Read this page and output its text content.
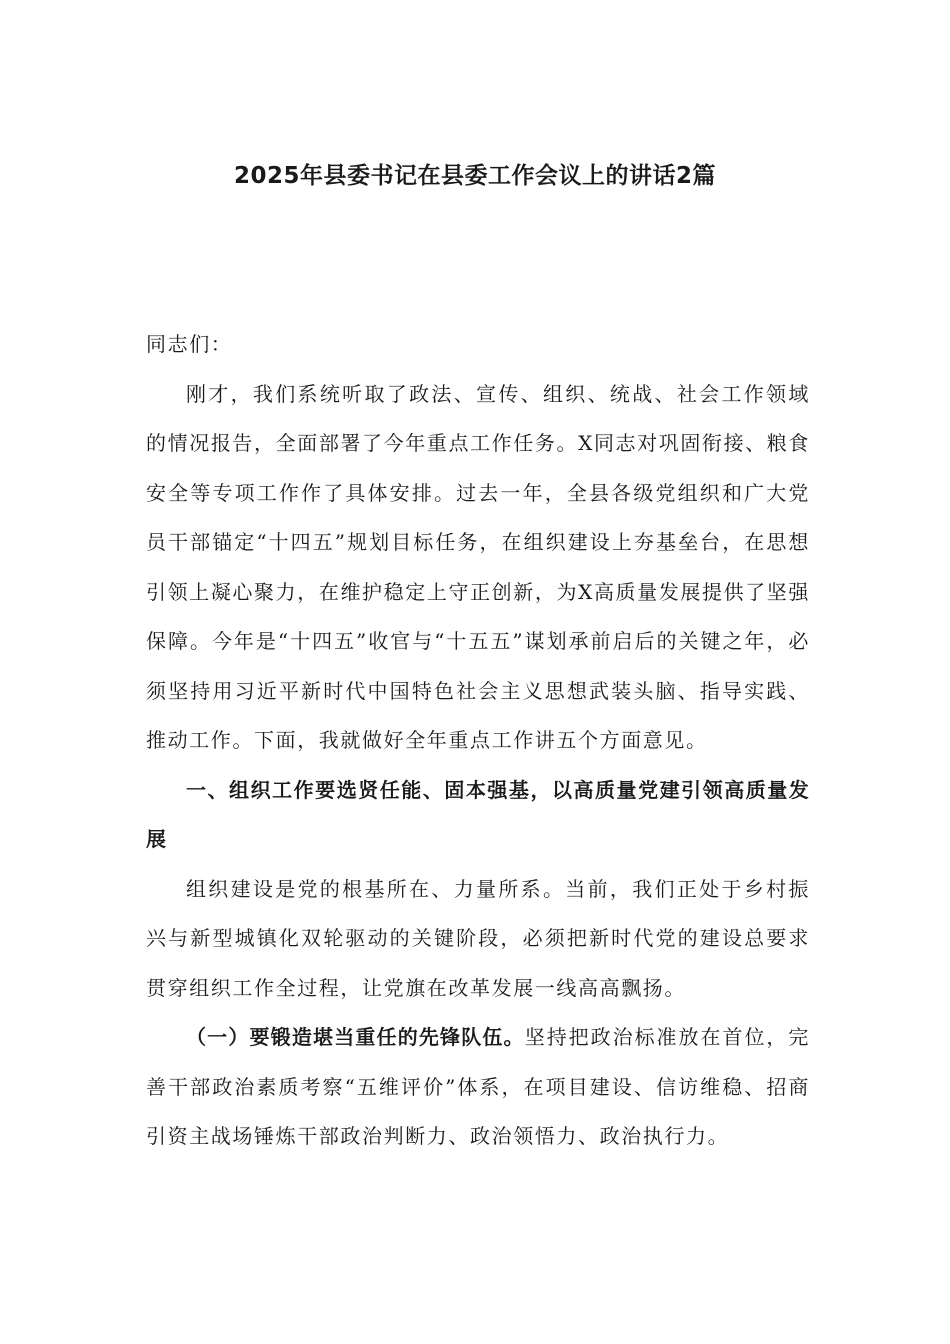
2025年县委书记在县委工作会议上的讲话2篇

同志们：

刚才，我们系统听取了政法、宣传、组织、统战、社会工作领域的情况报告，全面部署了今年重点工作任务。X同志对巩固衔接、粮食安全等专项工作作了具体安排。过去一年，全县各级党组织和广大党员干部锚定“十四五”规划目标任务，在组织建设上夯基垒台，在思想引领上凝心聚力，在维护稳定上守正创新，为X高质量发展提供了坚强保障。今年是“十四五”收官与“十五五”谋划承前启后的关键之年，必须坚持用习近平新时代中国特色社会主义思想武装头脑、指导实践、推动工作。下面，我就做好全年重点工作讲五个方面意见。

一、组织工作要选贤任能、固本强基，以高质量党建引领高质量发展

组织建设是党的根基所在、力量所系。当前，我们正处于乡村振兴与新型城镇化双轮驱动的关键阶段，必须把新时代党的建设总要求贯穿组织工作全过程，让党旗在改革发展一线高高飘扬。

（一）要锻造堪当重任的先锋队伍。坚持把政治标准放在首位，完善干部政治素质考察“五维评价”体系，在项目建设、信访维稳、招商引资主战场锤炼干部政治判断力、政治领悟力、政治执行力。
